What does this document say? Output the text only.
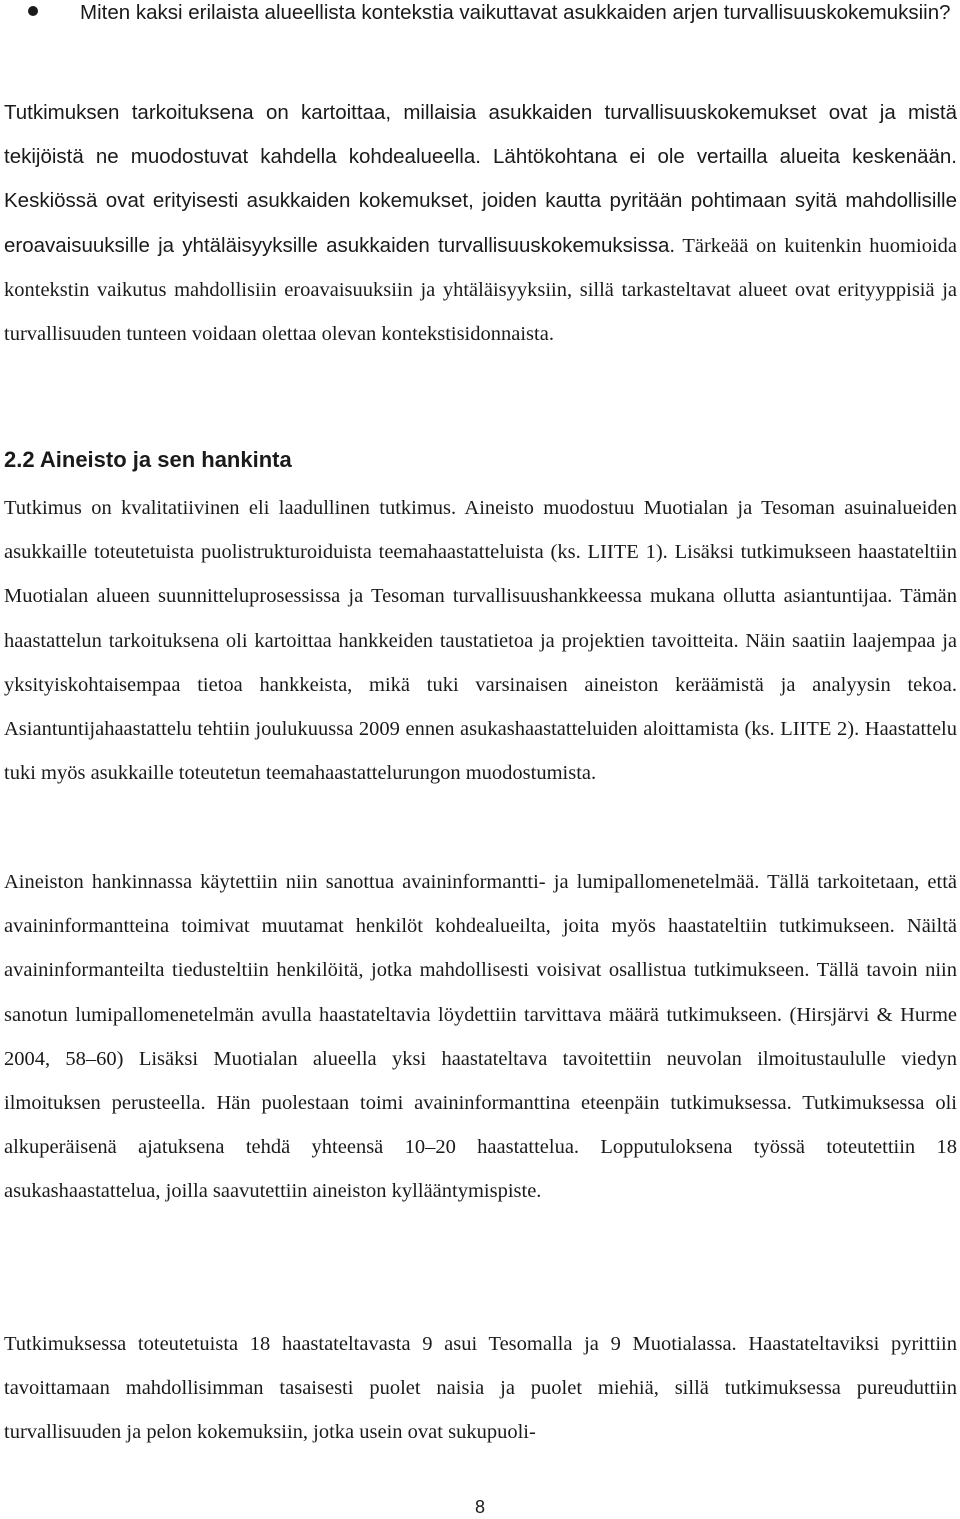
Miten kaksi erilaista alueellista kontekstia vaikuttavat asukkaiden arjen turvallisuuskokemuksiin?

Tutkimuksen tarkoituksena on kartoittaa, millaisia asukkaiden turvallisuuskokemukset ovat ja mistä tekijöistä ne muodostuvat kahdella kohdealueella. Lähtökohtana ei ole vertailla alueita keskenään. Keskiössä ovat erityisesti asukkaiden kokemukset, joiden kautta pyritään pohtimaan syitä mahdollisille eroavaisuuksille ja yhtäläisyyksille asukkaiden turvallisuuskokemuksissa. Tärkeää on kuitenkin huomioida kontekstin vaikutus mahdollisiin eroavaisuuksiin ja yhtäläisyyksiin, sillä tarkasteltavat alueet ovat erityyppisiä ja turvallisuuden tunteen voidaan olettaa olevan kontekstisidonnaista.

2.2 Aineisto ja sen hankinta

Tutkimus on kvalitatiivinen eli laadullinen tutkimus. Aineisto muodostuu Muotialan ja Tesoman asuinalueiden asukkaille toteutetuista puolistrukturoiduista teemahaastatteluista (ks. LIITE 1). Lisäksi tutkimukseen haastateltiin Muotialan alueen suunnitteluprosessissa ja Tesoman turvallisuushankkeessa mukana ollutta asiantuntijaa. Tämän haastattelun tarkoituksena oli kartoittaa hankkeiden taustatietoa ja projektien tavoitteita. Näin saatiin laajempaa ja yksityiskohtaisempaa tietoa hankkeista, mikä tuki varsinaisen aineiston keräämistä ja analyysin tekoa. Asiantuntijahaastattelu tehtiin joulukuussa 2009 ennen asukashaastatteluiden aloittamista (ks. LIITE 2). Haastattelu tuki myös asukkaille toteutetun teemahaastattelurungon muodostumista.

Aineiston hankinnassa käytettiin niin sanottua avaininformantti- ja lumipallomenetelmää. Tällä tarkoitetaan, että avaininformantteina toimivat muutamat henkilöt kohdealueilta, joita myös haastateltiin tutkimukseen. Näiltä avaininformanteilta tiedusteltiin henkilöitä, jotka mahdollisesti voisivat osallistua tutkimukseen. Tällä tavoin niin sanotun lumipallomenetelmän avulla haastateltavia löydettiin tarvittava määrä tutkimukseen. (Hirsjärvi & Hurme 2004, 58–60) Lisäksi Muotialan alueella yksi haastateltava tavoitettiin neuvolan ilmoitustaululle viedyn ilmoituksen perusteella. Hän puolestaan toimi avaininformanttina eteenpäin tutkimuksessa. Tutkimuksessa oli alkuperäisenä ajatuksena tehdä yhteensä 10–20 haastattelua. Lopputuloksena työssä toteutettiin 18 asukashaastattelua, joilla saavutettiin aineiston kyllääntymispiste.

Tutkimuksessa toteutetuista 18 haastateltavasta 9 asui Tesomalla ja 9 Muotialassa. Haastateltaviksi pyrittiin tavoittamaan mahdollisimman tasaisesti puolet naisia ja puolet miehiä, sillä tutkimuksessa pureuduttiin turvallisuuden ja pelon kokemuksiin, jotka usein ovat sukupuoli-

8
